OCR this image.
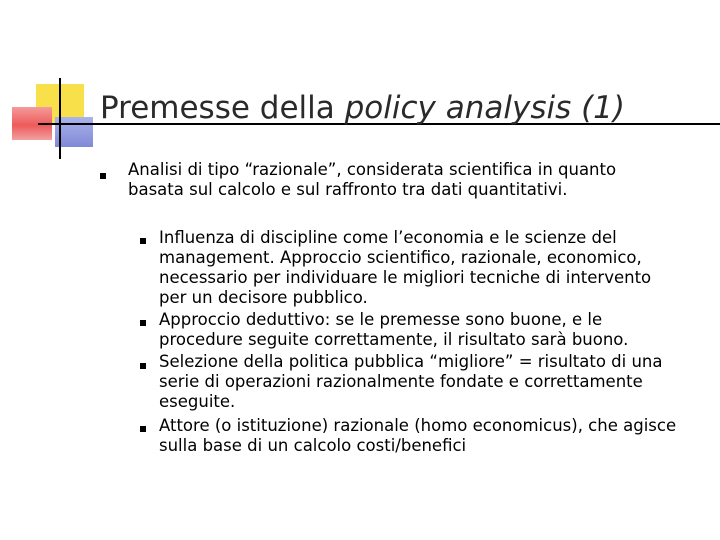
Premesse della policy analysis (1)

Analisi di tipo “razionale”, considerata scientifica in quanto basata sul calcolo e sul raffronto tra dati quantitativi.

Influenza di discipline come l’economia e le scienze del management. Approccio scientifico, razionale, economico, necessario per individuare le migliori tecniche di intervento per un decisore pubblico.

Approccio deduttivo: se le premesse sono buone, e le procedure seguite correttamente, il risultato sarà buono.

Selezione della politica pubblica “migliore” = risultato di una serie di operazioni razionalmente fondate e correttamente eseguite.

Attore (o istituzione) razionale (homo economicus), che agisce sulla base di un calcolo costi/benefici
